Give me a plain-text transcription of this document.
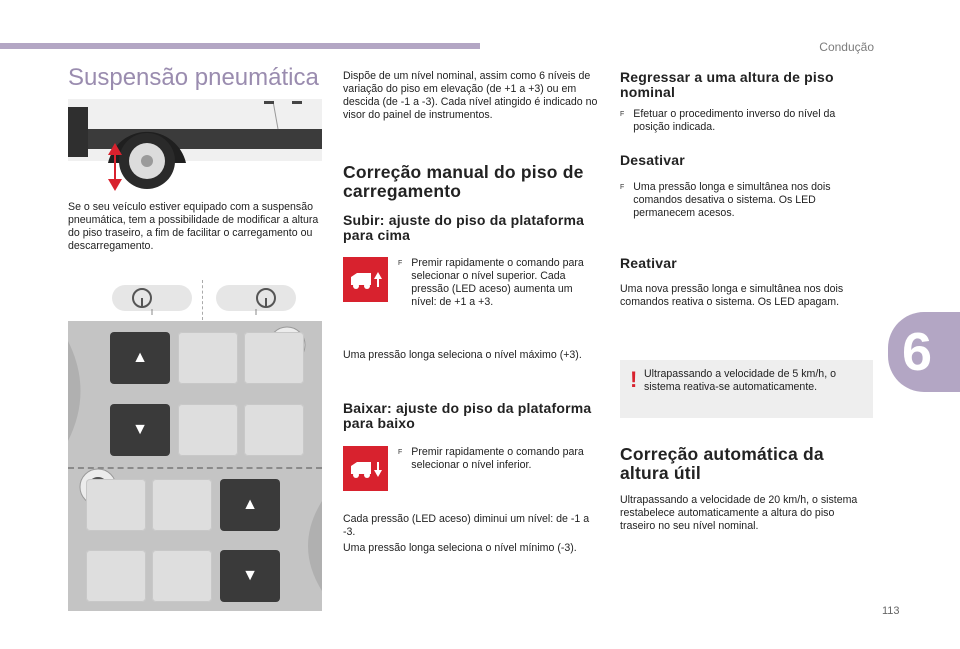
Condução
6
113
Suspensão pneumática
Se o seu veículo estiver equipado com a suspensão pneumática, tem a possibilidade de modificar a altura do piso traseiro, a fim de facilitar o carregamento ou descarregamento.
▲
▼
▲
▼
Dispõe de um nível nominal, assim como 6 níveis de variação do piso em elevação (de +1 a +3) ou em descida (de -1 a -3). Cada nível atingido é indicado no visor do painel de instrumentos.
Correção manual do piso de carregamento
Subir: ajuste do piso da plataforma para cima
F Premir rapidamente o comando para selecionar o nível superior. Cada pressão (LED aceso) aumenta um nível: de +1 a +3.
Uma pressão longa seleciona o nível máximo (+3).
Baixar: ajuste do piso da plataforma para baixo
F Premir rapidamente o comando para selecionar o nível inferior.
Cada pressão (LED aceso) diminui um nível: de -1 a -3.
Uma pressão longa seleciona o nível mínimo (-3).
Regressar a uma altura de piso nominal
F Efetuar o procedimento inverso do nível da posição indicada.
Desativar
F Uma pressão longa e simultânea nos dois comandos desativa o sistema. Os LED permanecem acesos.
Reativar
Uma nova pressão longa e simultânea nos dois comandos reativa o sistema. Os LED apagam.
! Ultrapassando a velocidade de 5 km/h, o sistema reativa-se automaticamente.
Correção automática da altura útil
Ultrapassando a velocidade de 20 km/h, o sistema restabelece automaticamente a altura do piso traseiro no seu nível nominal.
